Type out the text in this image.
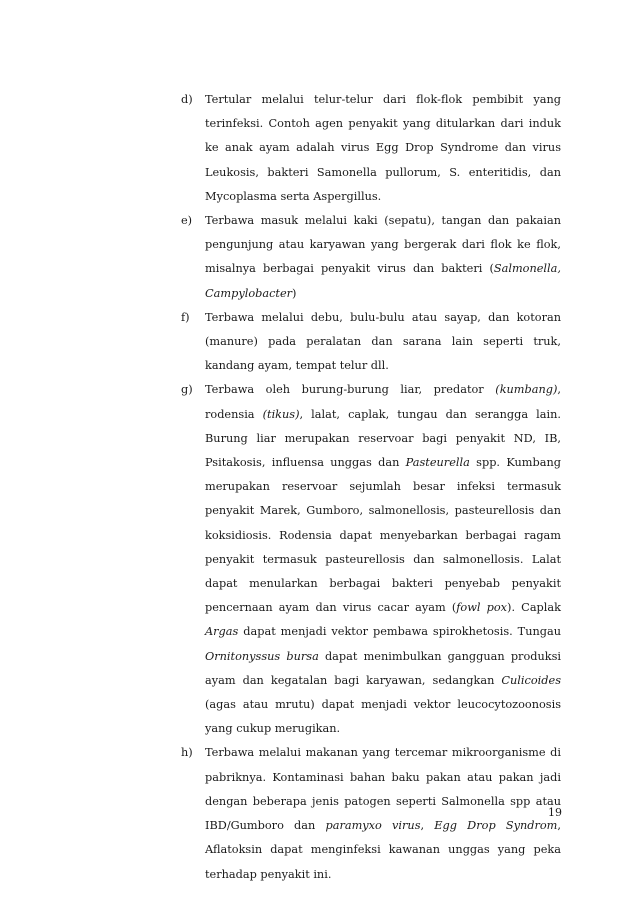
d)	Tertular melalui telur-telur dari flok-flok pembibit yang terinfeksi. Contoh agen penyakit yang ditularkan dari induk ke anak ayam adalah virus Egg Drop Syndrome dan virus Leukosis, bakteri Samonella pullorum, S. enteritidis, dan Mycoplasma serta Aspergillus.
e)	Terbawa masuk melalui kaki (sepatu), tangan dan pakaian pengunjung atau karyawan yang bergerak dari flok ke flok, misalnya berbagai penyakit virus dan bakteri (Salmonella, Campylobacter)
f)	Terbawa melalui debu, bulu-bulu atau sayap, dan kotoran (manure) pada peralatan dan sarana lain seperti truk, kandang ayam, tempat telur dll.
g)	Terbawa oleh burung-burung liar, predator (kumbang), rodensia (tikus), lalat, caplak, tungau dan serangga lain. Burung liar merupakan reservoar bagi penyakit ND, IB, Psitakosis, influensa unggas dan Pasteurella spp. Kumbang merupakan reservoar sejumlah besar infeksi termasuk penyakit Marek, Gumboro, salmonellosis, pasteurellosis dan koksidiosis. Rodensia dapat menyebarkan berbagai ragam penyakit termasuk pasteurellosis dan salmonellosis. Lalat dapat menularkan berbagai bakteri penyebab penyakit pencernaan ayam dan virus cacar ayam (fowl pox). Caplak Argas dapat menjadi vektor pembawa spirokhetosis. Tungau Ornitonyssus bursa dapat menimbulkan gangguan produksi ayam dan kegatalan bagi karyawan, sedangkan Culicoides (agas atau mrutu) dapat menjadi vektor leucocytozoonosis yang cukup merugikan.
h)	Terbawa melalui makanan yang tercemar mikroorganisme di pabriknya. Kontaminasi bahan baku pakan atau pakan jadi dengan beberapa jenis patogen seperti Salmonella spp atau IBD/Gumboro dan paramyxo virus, Egg Drop Syndrom, Aflatoksin dapat menginfeksi kawanan unggas yang peka terhadap penyakit ini.
19
